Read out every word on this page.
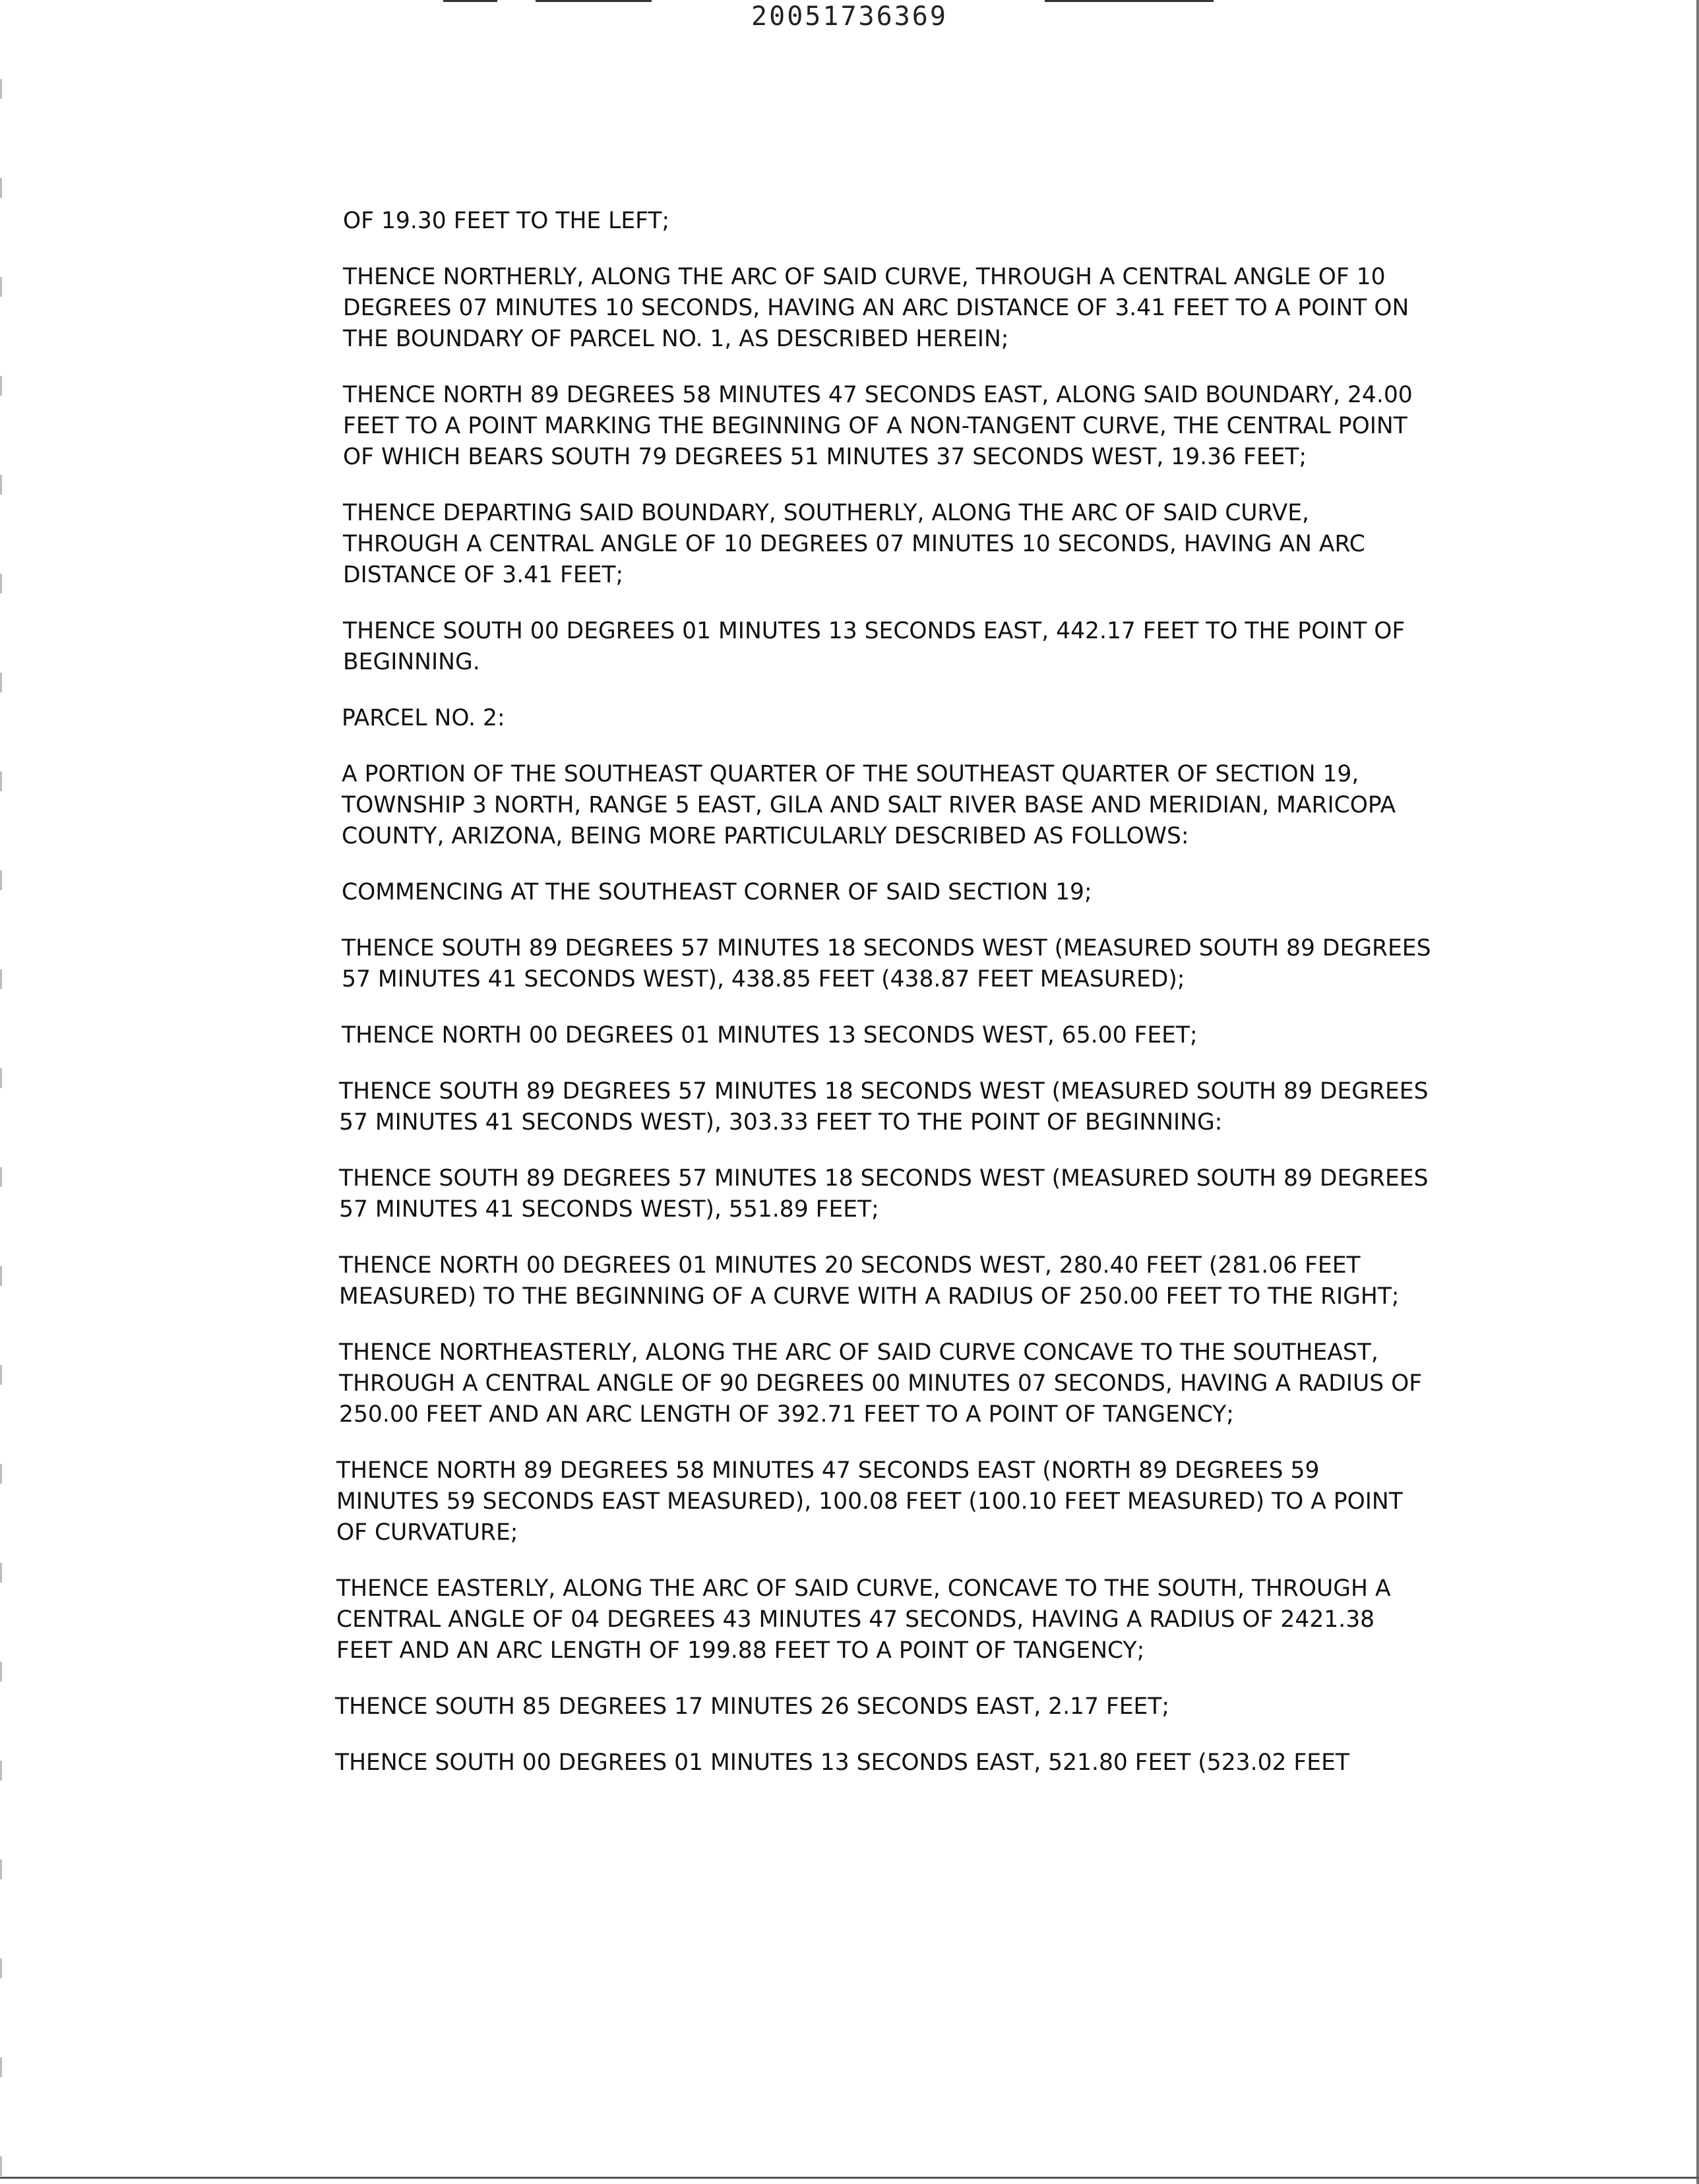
20051736369

OF 19.30 FEET TO THE LEFT;

THENCE NORTHERLY, ALONG THE ARC OF SAID CURVE, THROUGH A CENTRAL ANGLE OF 10
DEGREES 07 MINUTES 10 SECONDS, HAVING AN ARC DISTANCE OF 3.41 FEET TO A POINT ON
THE BOUNDARY OF PARCEL NO. 1, AS DESCRIBED HEREIN;

THENCE NORTH 89 DEGREES 58 MINUTES 47 SECONDS EAST, ALONG SAID BOUNDARY, 24.00
FEET TO A POINT MARKING THE BEGINNING OF A NON-TANGENT CURVE, THE CENTRAL POINT
OF WHICH BEARS SOUTH 79 DEGREES 51 MINUTES 37 SECONDS WEST, 19.36 FEET;

THENCE DEPARTING SAID BOUNDARY, SOUTHERLY, ALONG THE ARC OF SAID CURVE,
THROUGH A CENTRAL ANGLE OF 10 DEGREES 07 MINUTES 10 SECONDS, HAVING AN ARC
DISTANCE OF 3.41 FEET;

THENCE SOUTH 00 DEGREES 01 MINUTES 13 SECONDS EAST, 442.17 FEET TO THE POINT OF
BEGINNING.

PARCEL NO. 2:

A PORTION OF THE SOUTHEAST QUARTER OF THE SOUTHEAST QUARTER OF SECTION 19,
TOWNSHIP 3 NORTH, RANGE 5 EAST, GILA AND SALT RIVER BASE AND MERIDIAN, MARICOPA
COUNTY, ARIZONA, BEING MORE PARTICULARLY DESCRIBED AS FOLLOWS:

COMMENCING AT THE SOUTHEAST CORNER OF SAID SECTION 19;

THENCE SOUTH 89 DEGREES 57 MINUTES 18 SECONDS WEST (MEASURED SOUTH 89 DEGREES
57 MINUTES 41 SECONDS WEST), 438.85 FEET (438.87 FEET MEASURED);

THENCE NORTH 00 DEGREES 01 MINUTES 13 SECONDS WEST, 65.00 FEET;

THENCE SOUTH 89 DEGREES 57 MINUTES 18 SECONDS WEST (MEASURED SOUTH 89 DEGREES
57 MINUTES 41 SECONDS WEST), 303.33 FEET TO THE POINT OF BEGINNING:

THENCE SOUTH 89 DEGREES 57 MINUTES 18 SECONDS WEST (MEASURED SOUTH 89 DEGREES
57 MINUTES 41 SECONDS WEST), 551.89 FEET;

THENCE NORTH 00 DEGREES 01 MINUTES 20 SECONDS WEST, 280.40 FEET (281.06 FEET
MEASURED) TO THE BEGINNING OF A CURVE WITH A RADIUS OF 250.00 FEET TO THE RIGHT;

THENCE NORTHEASTERLY, ALONG THE ARC OF SAID CURVE CONCAVE TO THE SOUTHEAST,
THROUGH A CENTRAL ANGLE OF 90 DEGREES 00 MINUTES 07 SECONDS, HAVING A RADIUS OF
250.00 FEET AND AN ARC LENGTH OF 392.71 FEET TO A POINT OF TANGENCY;

THENCE NORTH 89 DEGREES 58 MINUTES 47 SECONDS EAST (NORTH 89 DEGREES 59
MINUTES 59 SECONDS EAST MEASURED), 100.08 FEET (100.10 FEET MEASURED) TO A POINT
OF CURVATURE;

THENCE EASTERLY, ALONG THE ARC OF SAID CURVE, CONCAVE TO THE SOUTH, THROUGH A
CENTRAL ANGLE OF 04 DEGREES 43 MINUTES 47 SECONDS, HAVING A RADIUS OF 2421.38
FEET AND AN ARC LENGTH OF 199.88 FEET TO A POINT OF TANGENCY;

THENCE SOUTH 85 DEGREES 17 MINUTES 26 SECONDS EAST, 2.17 FEET;

THENCE SOUTH 00 DEGREES 01 MINUTES 13 SECONDS EAST, 521.80 FEET (523.02 FEET
